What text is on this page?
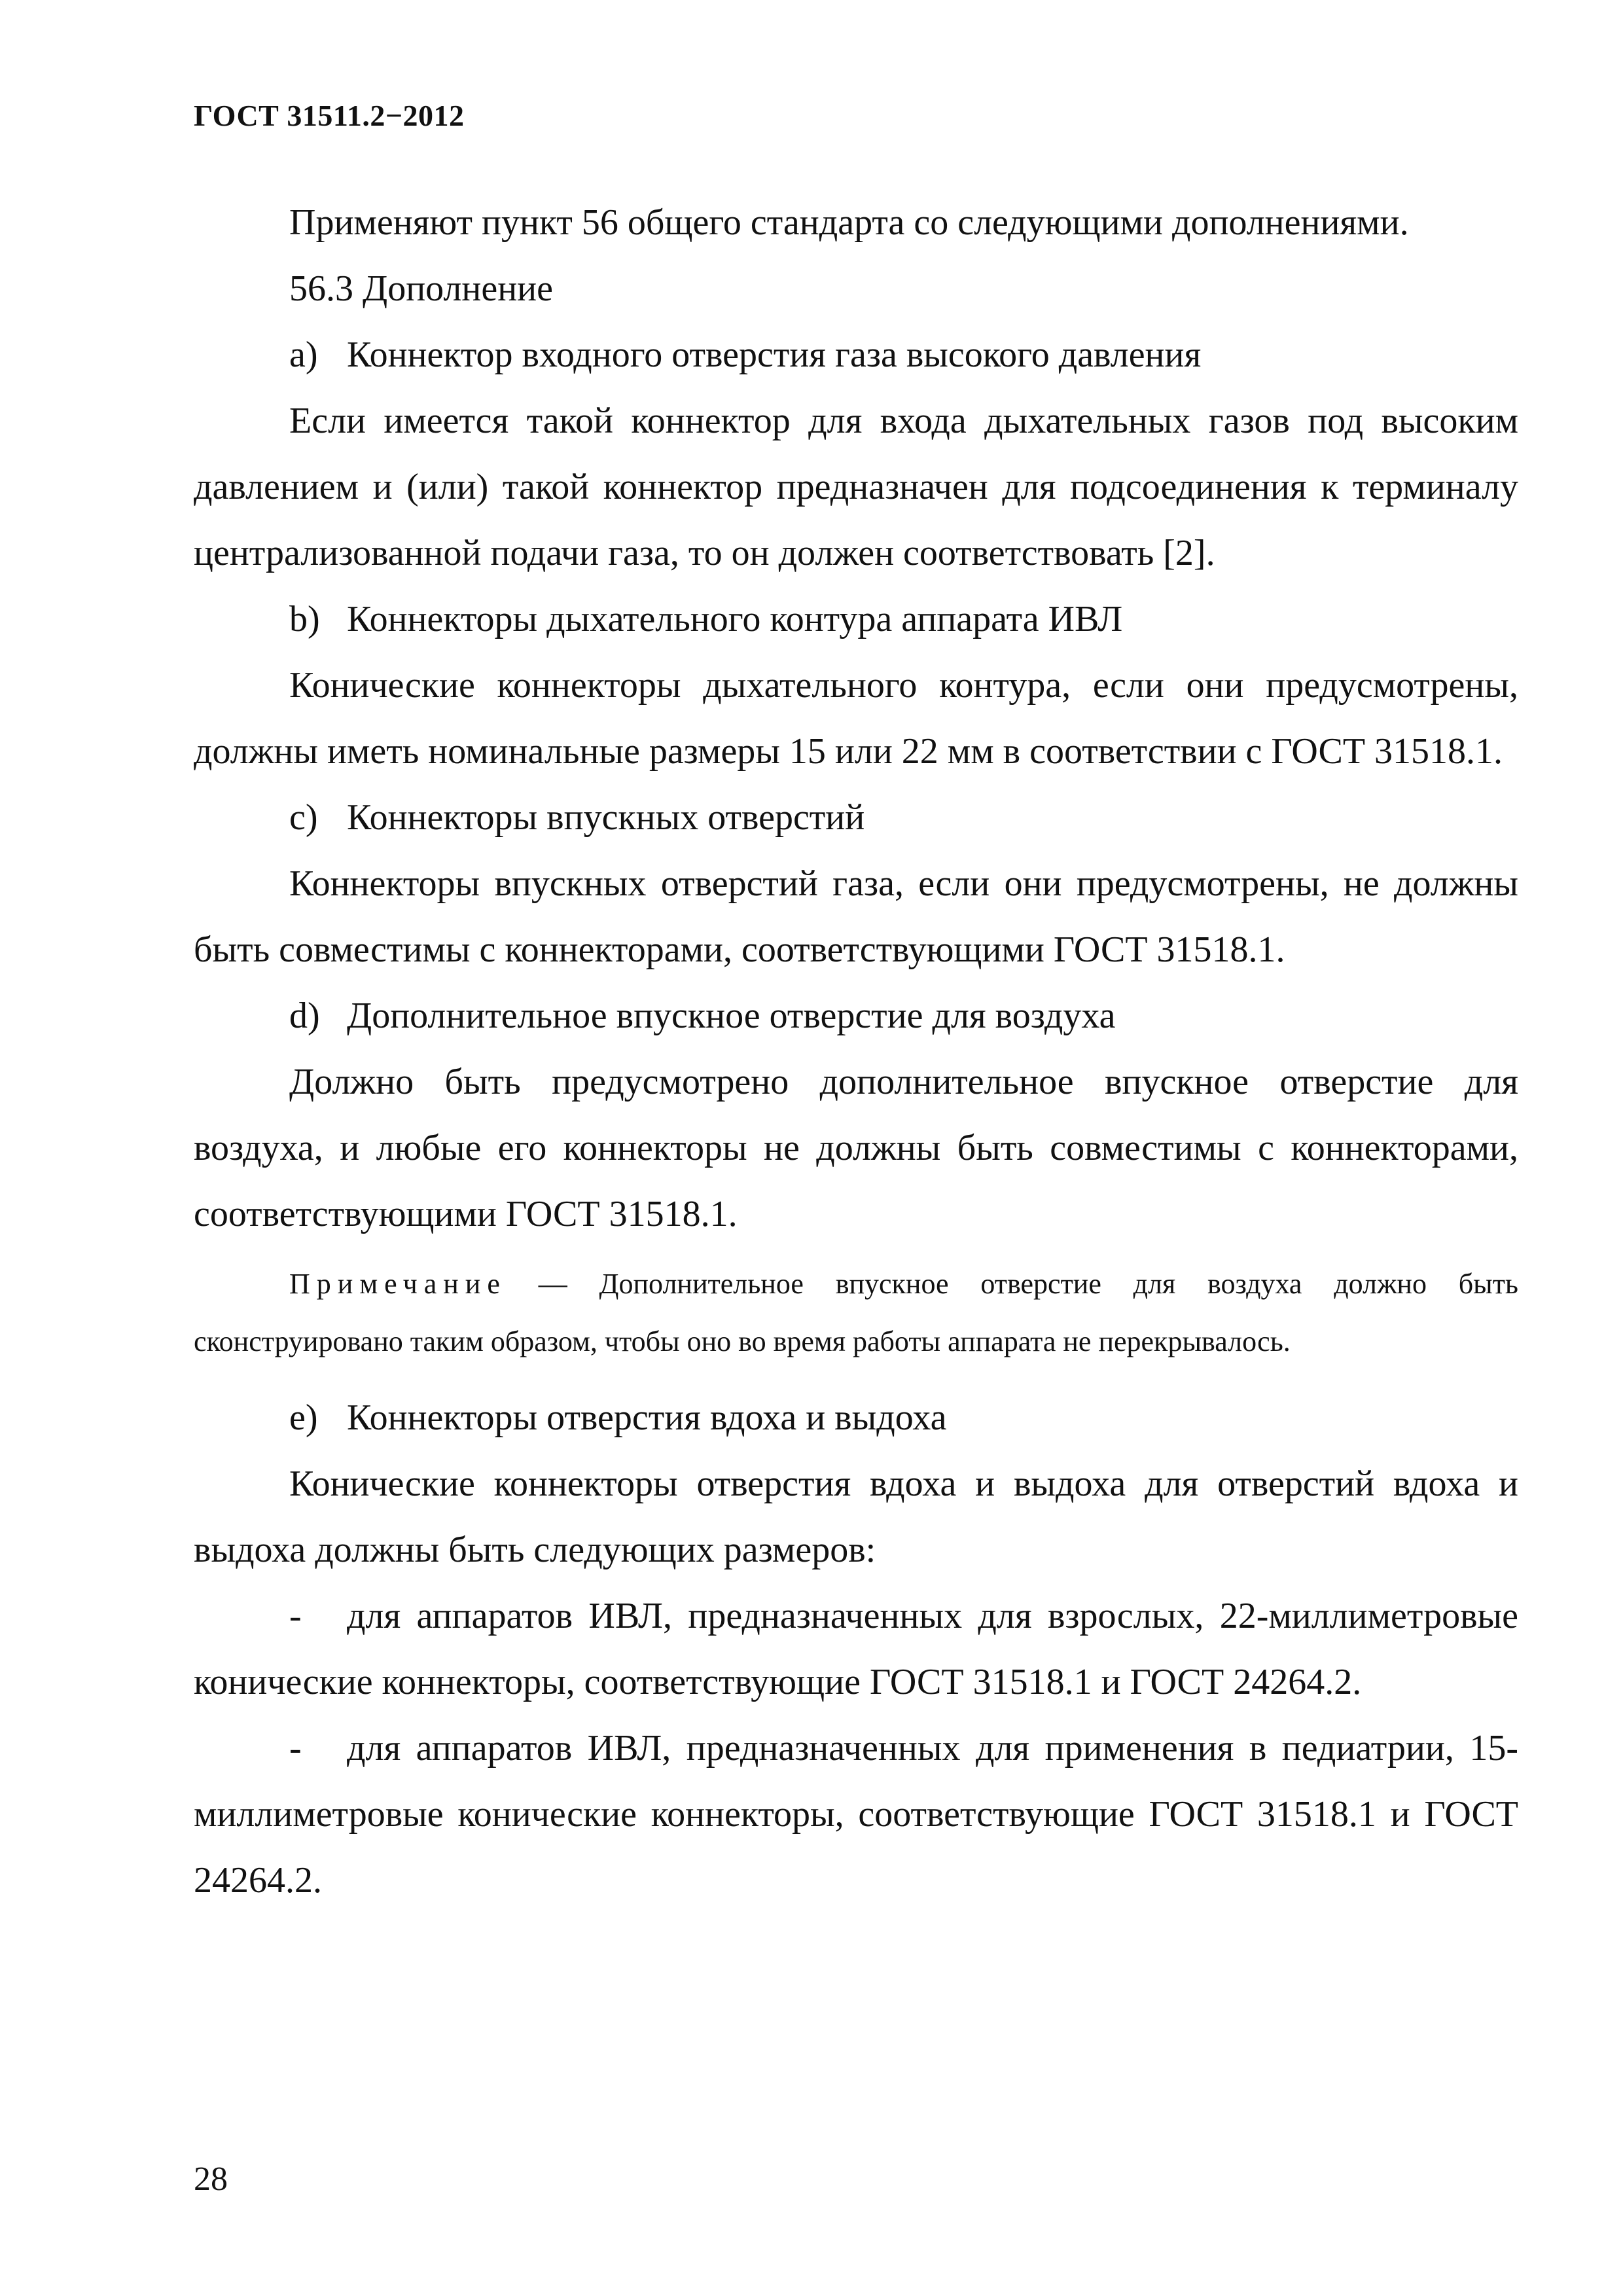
ГОСТ 31511.2−2012

Применяют пункт 56 общего стандарта со следующими дополнениями.

56.3 Дополнение

a) Коннектор входного отверстия газа высокого давления

Если имеется такой коннектор для входа дыхательных газов под высоким давлением и (или) такой коннектор предназначен для подсоединения к терминалу централизованной подачи газа, то он должен соответствовать [2].

b) Коннекторы дыхательного контура аппарата ИВЛ

Конические коннекторы дыхательного контура, если они предусмотрены, должны иметь номинальные размеры 15 или 22 мм в соответствии с ГОСТ 31518.1.

c) Коннекторы впускных отверстий

Коннекторы впускных отверстий газа, если они предусмотрены, не должны быть совместимы с коннекторами, соответствующими ГОСТ 31518.1.

d) Дополнительное впускное отверстие для воздуха

Должно быть предусмотрено дополнительное впускное отверстие для воздуха, и любые его коннекторы не должны быть совместимы с коннекторами, соответствующими ГОСТ 31518.1.

Примечание — Дополнительное впускное отверстие для воздуха должно быть сконструировано таким образом, чтобы оно во время работы аппарата не перекрывалось.

e) Коннекторы отверстия вдоха и выдоха

Конические коннекторы отверстия вдоха и выдоха для отверстий вдоха и выдоха должны быть следующих размеров:

- для аппаратов ИВЛ, предназначенных для взрослых, 22-миллиметровые конические коннекторы, соответствующие ГОСТ 31518.1 и ГОСТ 24264.2.

- для аппаратов ИВЛ, предназначенных для применения в педиатрии, 15-миллиметровые конические коннекторы, соответствующие ГОСТ 31518.1 и ГОСТ 24264.2.

28
